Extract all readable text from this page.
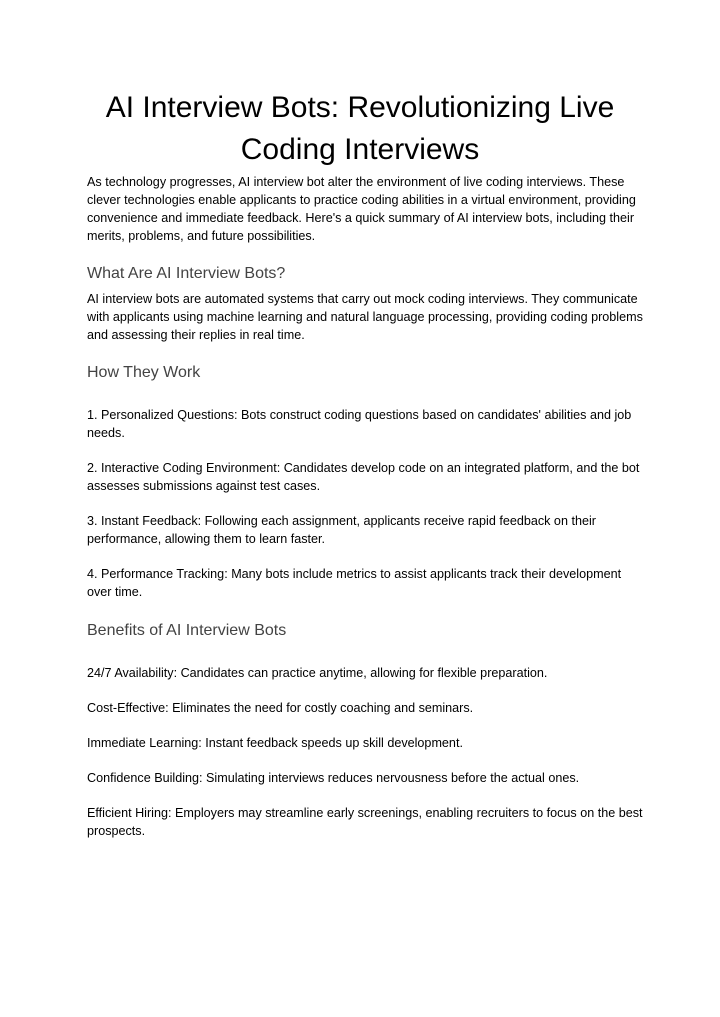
AI Interview Bots: Revolutionizing Live Coding Interviews

As technology progresses, AI interview bot alter the environment of live coding interviews. These clever technologies enable applicants to practice coding abilities in a virtual environment, providing convenience and immediate feedback. Here's a quick summary of AI interview bots, including their merits, problems, and future possibilities.

What Are AI Interview Bots?

AI interview bots are automated systems that carry out mock coding interviews. They communicate with applicants using machine learning and natural language processing, providing coding problems and assessing their replies in real time.

How They Work

1. Personalized Questions: Bots construct coding questions based on candidates' abilities and job needs.

2. Interactive Coding Environment: Candidates develop code on an integrated platform, and the bot assesses submissions against test cases.

3. Instant Feedback: Following each assignment, applicants receive rapid feedback on their performance, allowing them to learn faster.

4. Performance Tracking: Many bots include metrics to assist applicants track their development over time.

Benefits of AI Interview Bots

24/7 Availability: Candidates can practice anytime, allowing for flexible preparation.

Cost-Effective: Eliminates the need for costly coaching and seminars.

Immediate Learning: Instant feedback speeds up skill development.

Confidence Building: Simulating interviews reduces nervousness before the actual ones.

Efficient Hiring: Employers may streamline early screenings, enabling recruiters to focus on the best prospects.
